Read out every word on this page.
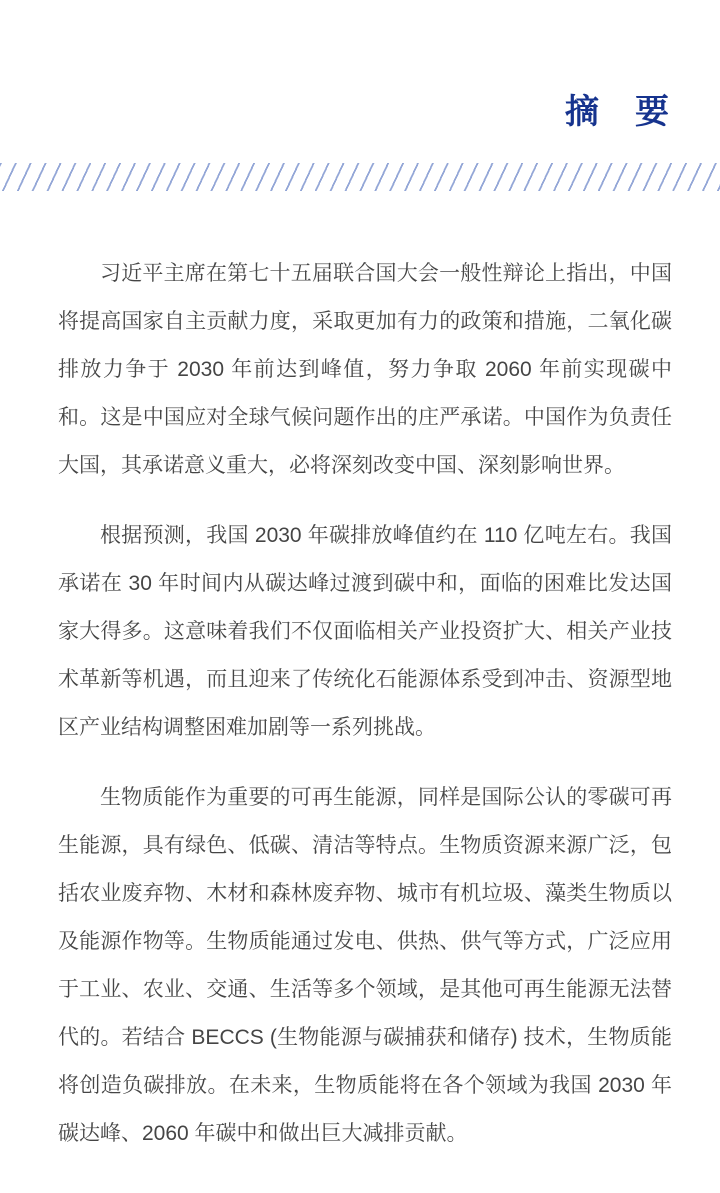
摘　要

习近平主席在第七十五届联合国大会一般性辩论上指出，中国将提高国家自主贡献力度，采取更加有力的政策和措施，二氧化碳排放力争于 2030 年前达到峰值，努力争取 2060 年前实现碳中和。这是中国应对全球气候问题作出的庄严承诺。中国作为负责任大国，其承诺意义重大，必将深刻改变中国、深刻影响世界。

根据预测，我国 2030 年碳排放峰值约在 110 亿吨左右。我国承诺在 30 年时间内从碳达峰过渡到碳中和，面临的困难比发达国家大得多。这意味着我们不仅面临相关产业投资扩大、相关产业技术革新等机遇，而且迎来了传统化石能源体系受到冲击、资源型地区产业结构调整困难加剧等一系列挑战。

生物质能作为重要的可再生能源，同样是国际公认的零碳可再生能源，具有绿色、低碳、清洁等特点。生物质资源来源广泛，包括农业废弃物、木材和森林废弃物、城市有机垃圾、藻类生物质以及能源作物等。生物质能通过发电、供热、供气等方式，广泛应用于工业、农业、交通、生活等多个领域，是其他可再生能源无法替代的。若结合 BECCS (生物能源与碳捕获和储存) 技术，生物质能将创造负碳排放。在未来，生物质能将在各个领域为我国 2030 年碳达峰、2060 年碳中和做出巨大减排贡献。
